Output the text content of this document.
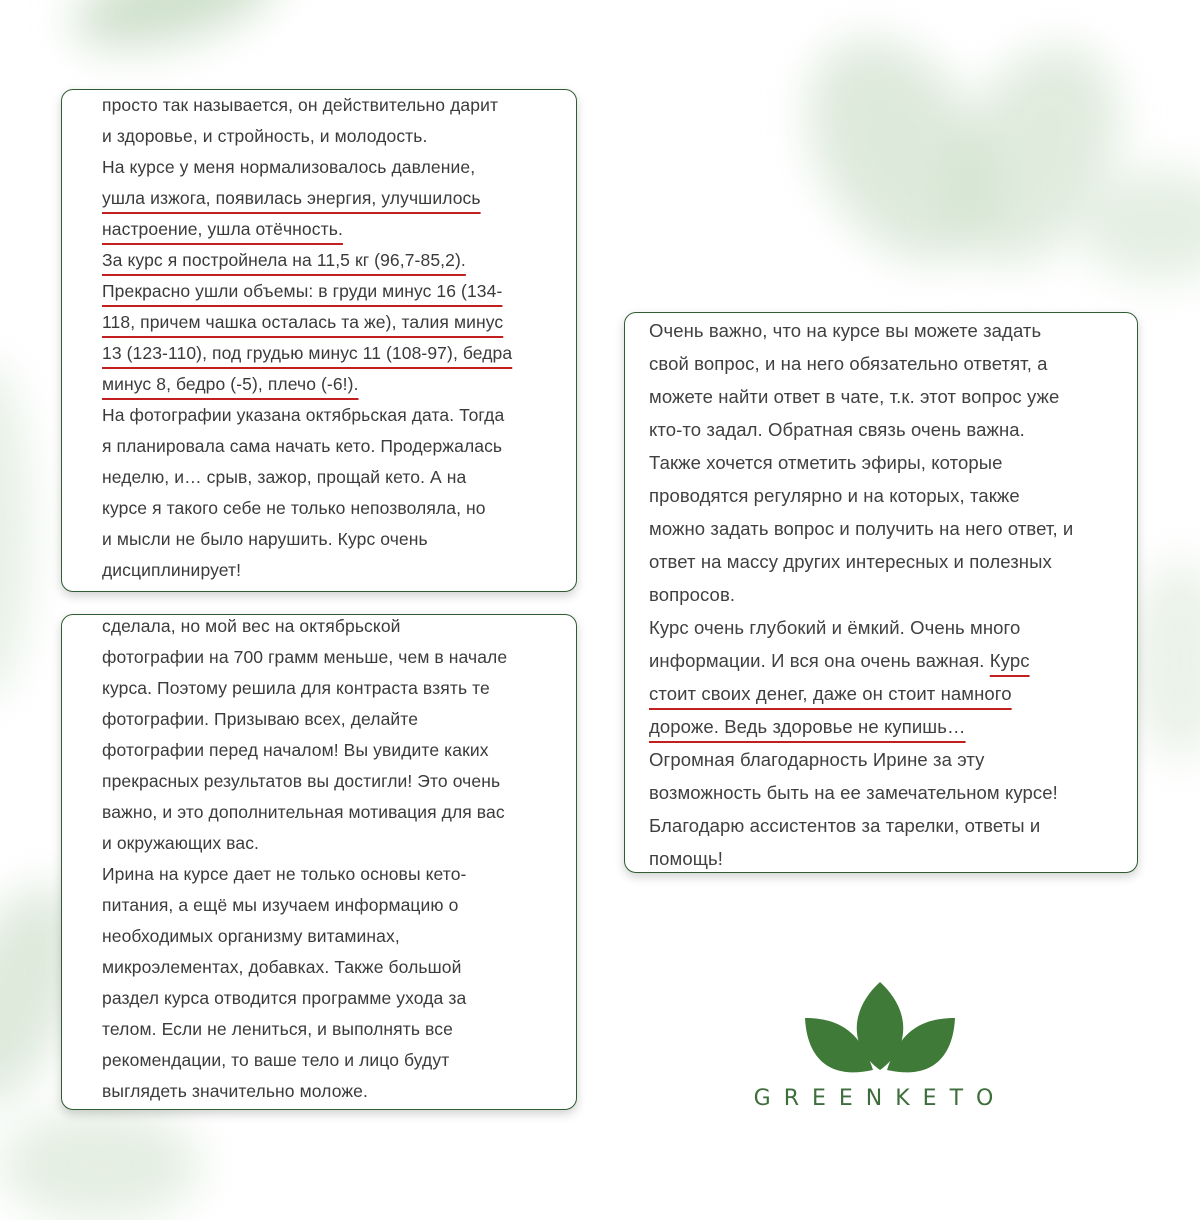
просто так называется, он действительно дарит
и здоровье, и стройность, и молодость.
На курсе у меня нормализовалось давление,
ушла изжога, появилась энергия, улучшилось
настроение, ушла отёчность.
За курс я постройнела на 11,5 кг (96,7-85,2).
Прекрасно ушли объемы: в груди минус 16 (134-
118, причем чашка осталась та же), талия минус
13 (123-110), под грудью минус 11 (108-97), бедра
минус 8, бедро (-5), плечо (-6!).
На фотографии указана октябрьская дата. Тогда
я планировала сама начать кето. Продержалась
неделю, и… срыв, зажор, прощай кето. А на
курсе я такого себе не только непозволяла, но
и мысли не было нарушить. Курс очень
дисциплинирует!
сделала, но мой вес на октябрьской
фотографии на 700 грамм меньше, чем в начале
курса. Поэтому решила для контраста взять те
фотографии. Призываю всех, делайте
фотографии перед началом! Вы увидите каких
прекрасных результатов вы достигли! Это очень
важно, и это дополнительная мотивация для вас
и окружающих вас.
Ирина на курсе дает не только основы кето-
питания, а ещё мы изучаем информацию о
необходимых организму витаминах,
микроэлементах, добавках. Также большой
раздел курса отводится программе ухода за
телом. Если не лениться, и выполнять все
рекомендации, то ваше тело и лицо будут
выглядеть значительно моложе.
Очень важно, что на курсе вы можете задать
свой вопрос, и на него обязательно ответят, а
можете найти ответ в чате, т.к. этот вопрос уже
кто-то задал. Обратная связь очень важна.
Также хочется отметить эфиры, которые
проводятся регулярно и на которых, также
можно задать вопрос и получить на него ответ, и
ответ на массу других интересных и полезных
вопросов.
Курс очень глубокий и ёмкий. Очень много
информации. И вся она очень важная. Курс
стоит своих денег, даже он стоит намного
дороже. Ведь здоровье не купишь…
Огромная благодарность Ирине за эту
возможность быть на ее замечательном курсе!
Благодарю ассистентов за тарелки, ответы и
помощь!
GREENKETO
